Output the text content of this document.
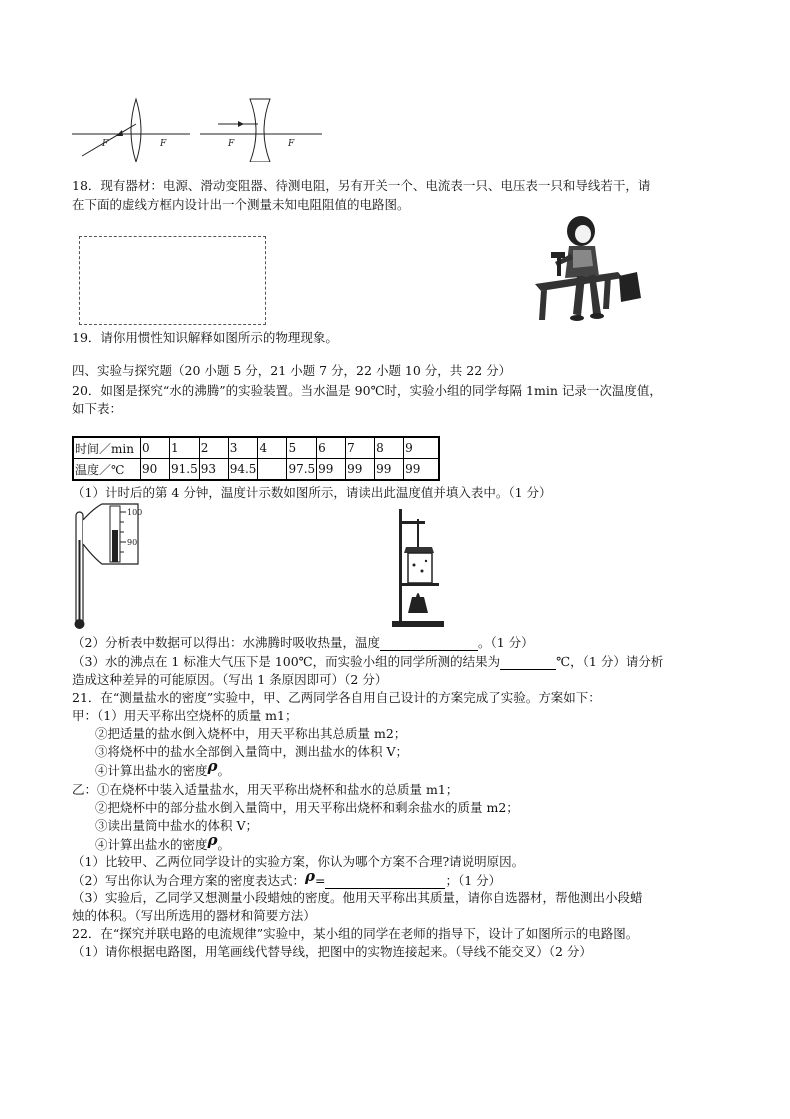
F	F	F	F
18．现有器材：电源、滑动变阻器、待测电阻，另有开关一个、电流表一只、电压表一只和导线若干，请
在下面的虚线方框内设计出一个测量未知电阻阻值的电路图。
19．请你用惯性知识解释如图所示的物理现象。
四、实验与探究题（20 小题 5 分，21 小题 7 分，22 小题 10 分，共 22 分）
20．如图是探究“水的沸腾”的实验装置。当水温是 90℃时，实验小组的同学每隔 1min 记录一次温度值，
如下表：
时间／min	0	1	2	3	4	5	6	7	8	9
温度／℃	90	91.5	93	94.5		97.5	99	99	99	99
（1）计时后的第 4 分钟，温度计示数如图所示，请读出此温度值并填入表中。（1 分）
100
90
（2）分析表中数据可以得出：水沸腾时吸收热量，温度	。（1 分）
（3）水的沸点在 1 标准大气压下是 100℃，而实验小组的同学所测的结果为	℃，（1 分）请分析
造成这种差异的可能原因。（写出 1 条原因即可）（2 分）
21．在“测量盐水的密度”实验中，甲、乙两同学各自用自己设计的方案完成了实验。方案如下：
甲：（1）用天平称出空烧杯的质量 m1；
②把适量的盐水倒入烧杯中，用天平称出其总质量 m2；
③将烧杯中的盐水全部倒入量筒中，测出盐水的体积 V；
④计算出盐水的密度ρ。
乙：①在烧杯中装入适量盐水，用天平称出烧杯和盐水的总质量 m1；
②把烧杯中的部分盐水倒入量筒中，用天平称出烧杯和剩余盐水的质量 m2；
③读出量筒中盐水的体积 V；
④计算出盐水的密度ρ。
（1）比较甲、乙两位同学设计的实验方案，你认为哪个方案不合理?请说明原因。
（2）写出你认为合理方案的密度表达式：ρ=	；（1 分）
（3）实验后，乙同学又想测量小段蜡烛的密度。他用天平称出其质量，请你自选器材，帮他测出小段蜡
烛的体积。（写出所选用的器材和简要方法）
22．在“探究并联电路的电流规律”实验中，某小组的同学在老师的指导下，设计了如图所示的电路图。
（1）请你根据电路图，用笔画线代替导线，把图中的实物连接起来。（导线不能交叉）（2 分）
